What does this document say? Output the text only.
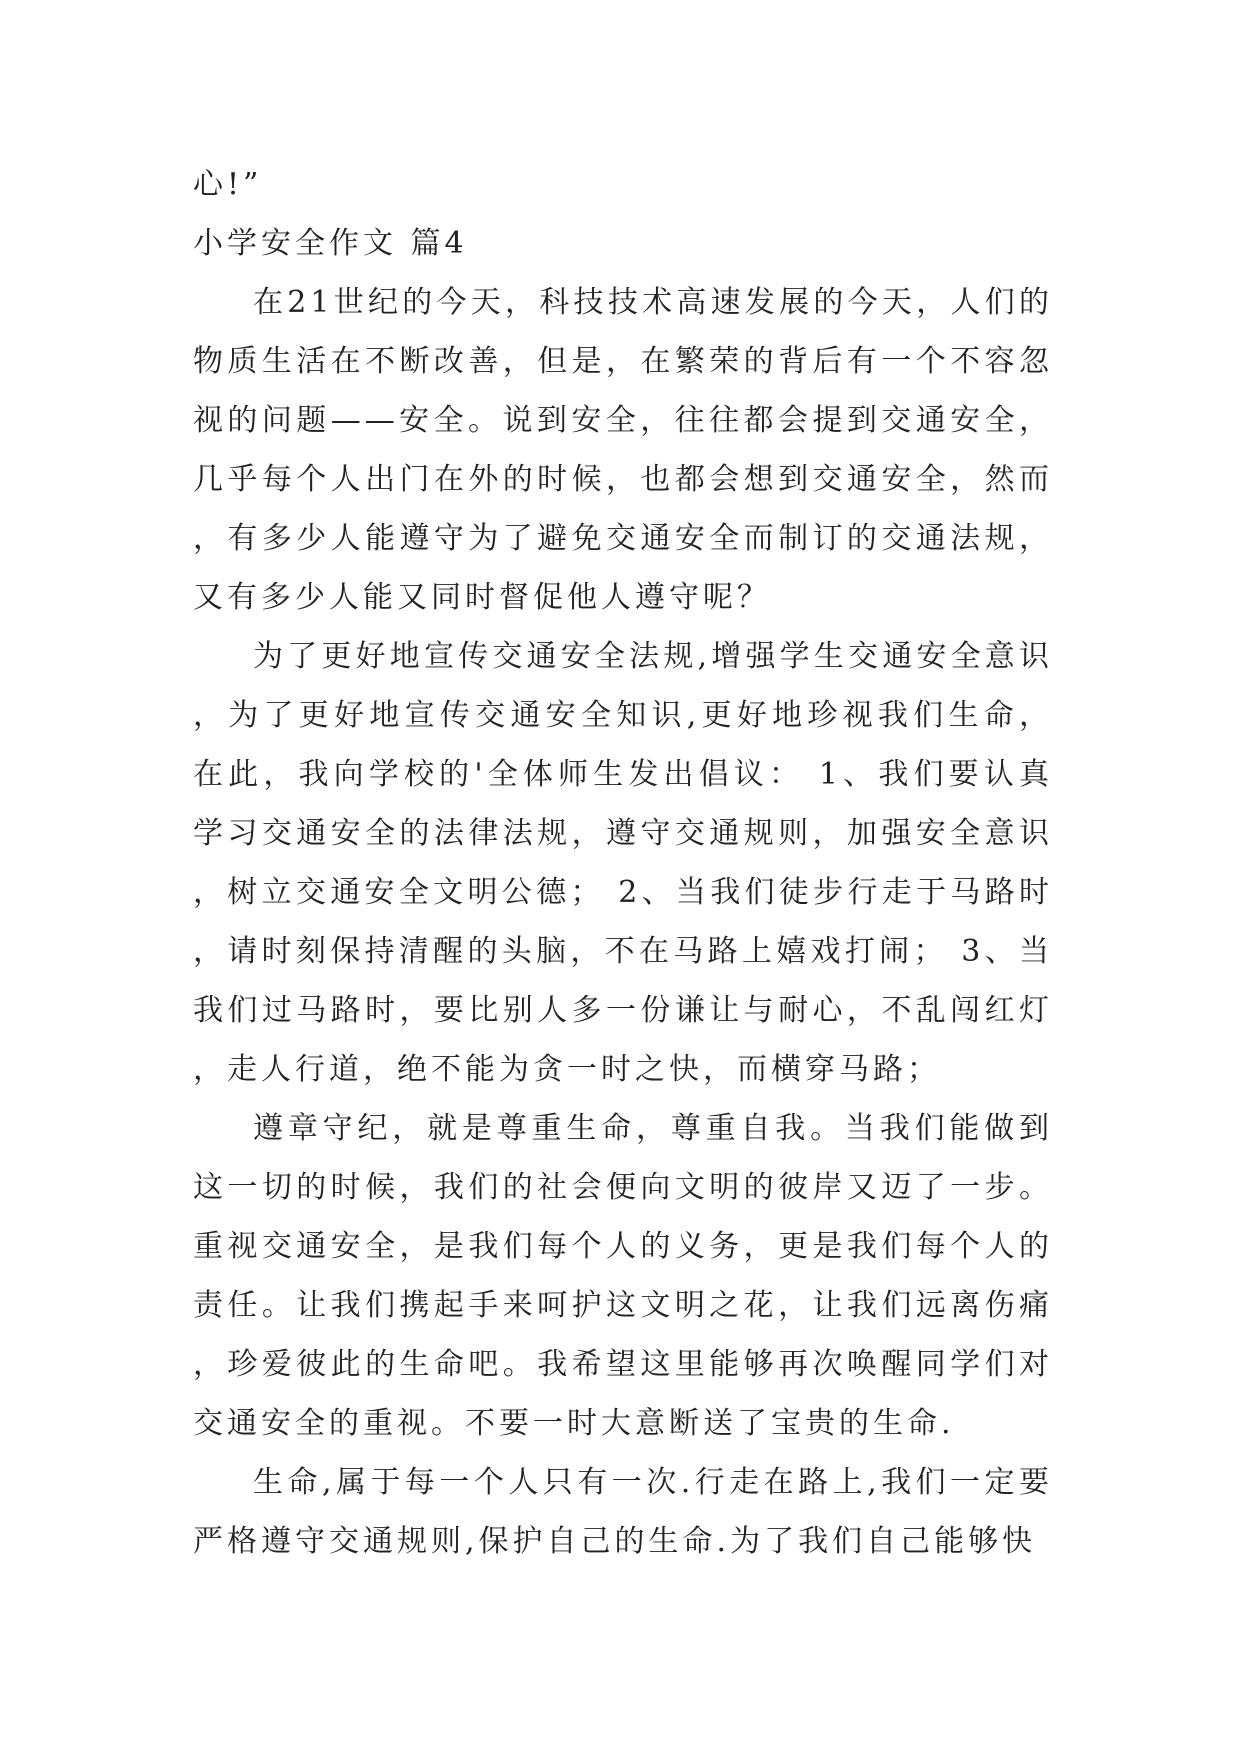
心!”

小学安全作文 篇4

在21世纪的今天，科技技术高速发展的今天，人们的物质生活在不断改善，但是，在繁荣的背后有一个不容忽视的问题——安全。说到安全，往往都会提到交通安全，几乎每个人出门在外的时候，也都会想到交通安全，然而，有多少人能遵守为了避免交通安全而制订的交通法规，又有多少人能又同时督促他人遵守呢？

为了更好地宣传交通安全法规,增强学生交通安全意识，为了更好地宣传交通安全知识,更好地珍视我们生命，在此，我向学校的'全体师生发出倡议： 1、我们要认真学习交通安全的法律法规，遵守交通规则，加强安全意识，树立交通安全文明公德； 2、当我们徒步行走于马路时，请时刻保持清醒的头脑，不在马路上嬉戏打闹； 3、当我们过马路时，要比别人多一份谦让与耐心，不乱闯红灯，走人行道，绝不能为贪一时之快，而横穿马路；

遵章守纪，就是尊重生命，尊重自我。当我们能做到这一切的时候，我们的社会便向文明的彼岸又迈了一步。重视交通安全，是我们每个人的义务，更是我们每个人的责任。让我们携起手来呵护这文明之花，让我们远离伤痛，珍爱彼此的生命吧。我希望这里能够再次唤醒同学们对交通安全的重视。不要一时大意断送了宝贵的生命.

生命,属于每一个人只有一次.行走在路上,我们一定要严格遵守交通规则,保护自己的生命.为了我们自己能够快
